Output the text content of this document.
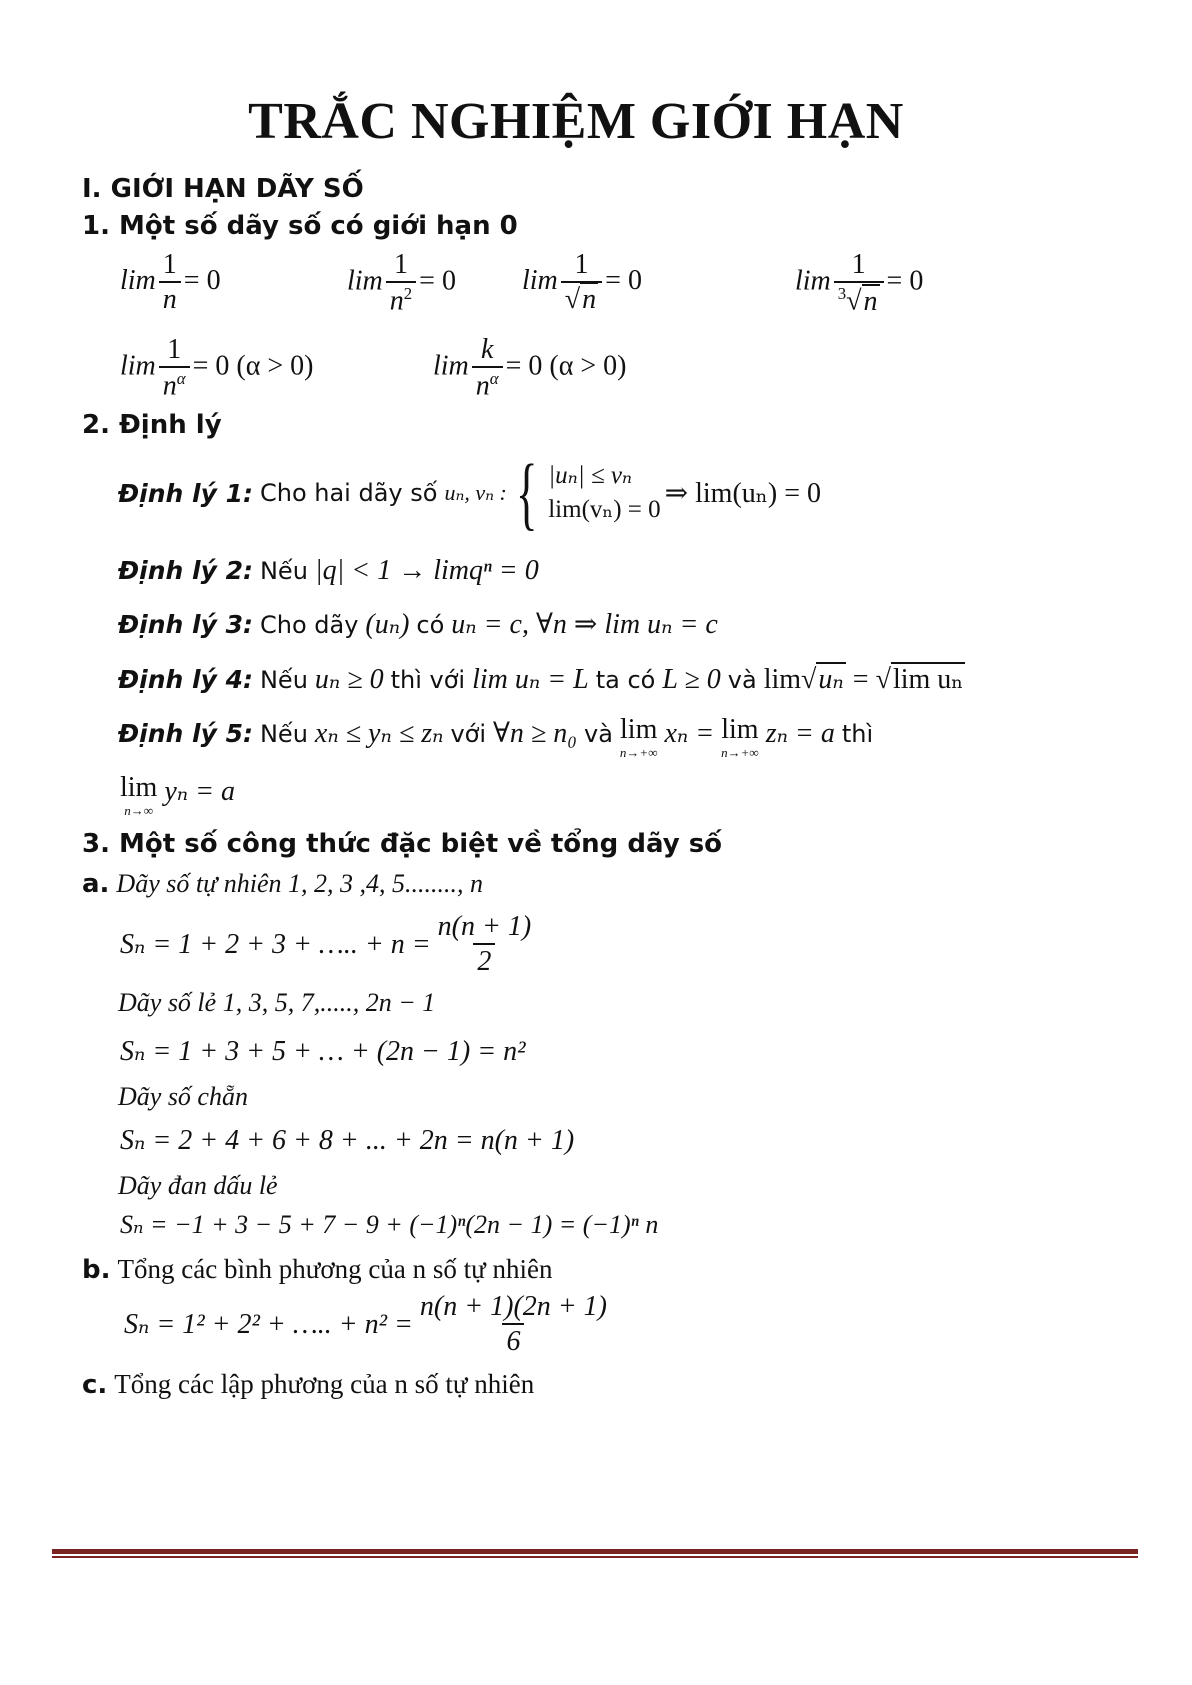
TRẮC NGHIỆM GIỚI HẠN
I. GIỚI HẠN DÃY SỐ
1. Một số dãy số có giới hạn 0
$\lim \frac{1}{n} = 0$	$\lim \frac{1}{n^2} = 0$ $\lim \frac{1}{√n} = 0$	$\lim \frac{1}{^3√n} = 0$
$\lim \frac{1}{n^\alpha} = 0$ (α > 0)	$\lim \frac{k}{n^\alpha} = 0$ (α > 0)
2. Định lý
Định lý 1:
Cho hai dãy số
uₙ, vₙ : { |uₙ| ≤ vₙ
lim(vₙ) = 0
⇒ lim(uₙ) = 0
Định lý 2: Nếu |q| < 1 → limqⁿ = 0
Định lý 3: Cho dãy (uₙ) có uₙ = c, ∀n ⇒ lim uₙ = c
Định lý 4: Nếu uₙ ≥ 0 thì với lim uₙ = L ta có L ≥ 0 và lim√uₙ = √lim uₙ
Định lý 5: Nếu xₙ ≤ yₙ ≤ zₙ với ∀n ≥ n₀ và lim
n→+∞
xₙ = lim
n→+∞
zₙ = a thì
lim
n→∞
yₙ = a
3. Một số công thức đặc biệt về tổng dãy số
a. Dãy số tự nhiên 1, 2, 3 ,4, 5........, n
Sₙ = 1 + 2 + 3 + ….. + $n = \frac{n(n + 1)}{2}$
Dãy số lẻ 1, 3, 5, 7,....., 2n − 1
Sₙ = 1 + 3 + 5 + … + (2n − 1) = n²
Dãy số chẵn
Sₙ = 2 + 4 + 6 + 8 + ... + 2n = n(n + 1)
Dãy đan dấu lẻ
Sₙ = −1 + 3 − 5 + 7 − 9 + (−1)ⁿ(2n − 1) = (−1)ⁿ n
b. Tổng các bình phương của n số tự nhiên
Sₙ = 1² + 2² + ….. + $n^2 = \frac{n(n + 1)(2n + 1)}{6}$
c. Tổng các lập phương của n số tự nhiên
